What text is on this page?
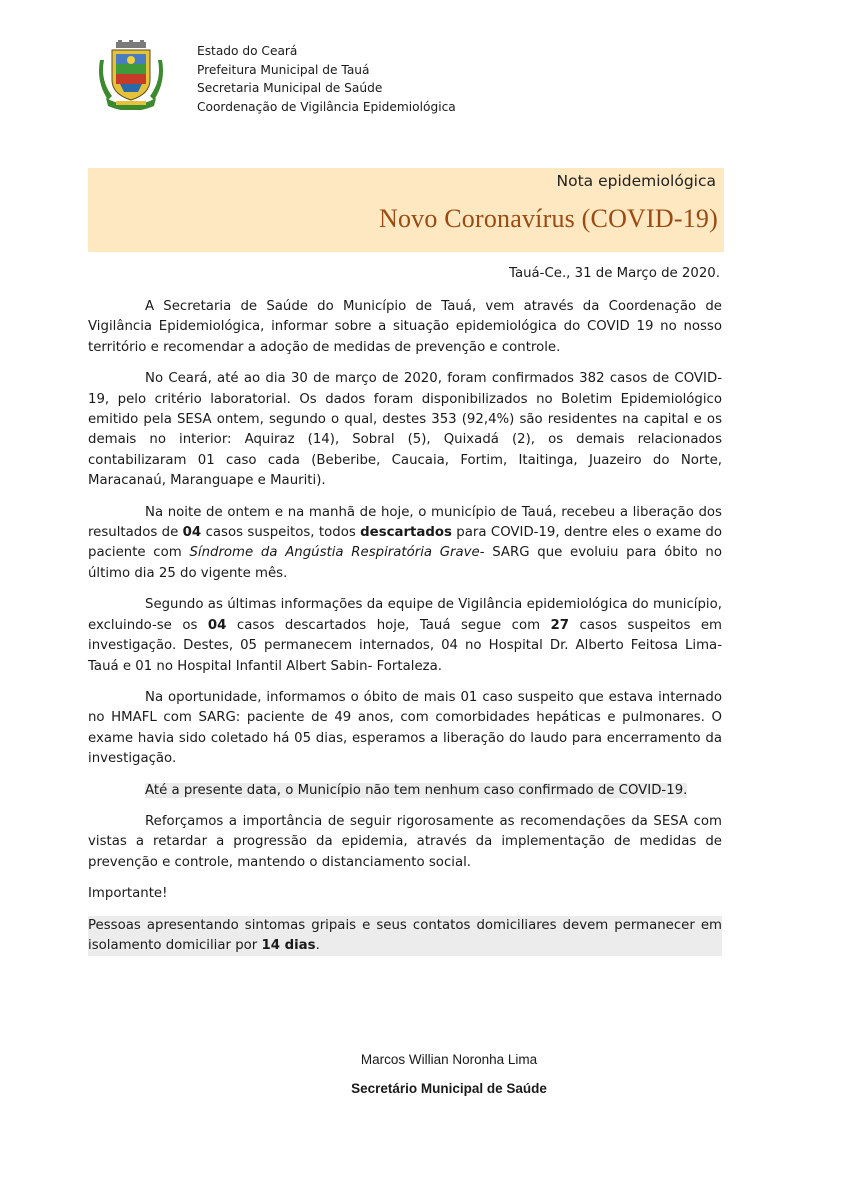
Estado do Ceará
Prefeitura Municipal de Tauá
Secretaria Municipal de Saúde
Coordenação de Vigilância Epidemiológica
Nota epidemiológica
Novo Coronavírus (COVID-19)
Tauá-Ce., 31 de Março de 2020.

A Secretaria de Saúde do Município de Tauá, vem através da Coordenação de Vigilância Epidemiológica, informar sobre a situação epidemiológica do COVID 19 no nosso território e recomendar a adoção de medidas de prevenção e controle.

No Ceará, até ao dia 30 de março de 2020, foram confirmados 382 casos de COVID-19, pelo critério laboratorial. Os dados foram disponibilizados no Boletim Epidemiológico emitido pela SESA ontem, segundo o qual, destes 353 (92,4%) são residentes na capital e os demais no interior: Aquiraz (14), Sobral (5), Quixadá (2), os demais relacionados contabilizaram 01 caso cada (Beberibe, Caucaia, Fortim, Itaitinga, Juazeiro do Norte, Maracanaú, Maranguape e Mauriti).

Na noite de ontem e na manhã de hoje, o município de Tauá, recebeu a liberação dos resultados de 04 casos suspeitos, todos descartados para COVID-19, dentre eles o exame do paciente com Síndrome da Angústia Respiratória Grave- SARG que evoluiu para óbito no último dia 25 do vigente mês.

Segundo as últimas informações da equipe de Vigilância epidemiológica do município, excluindo-se os 04 casos descartados hoje, Tauá segue com 27 casos suspeitos em investigação. Destes, 05 permanecem internados, 04 no Hospital Dr. Alberto Feitosa Lima- Tauá e 01 no Hospital Infantil Albert Sabin- Fortaleza.

Na oportunidade, informamos o óbito de mais 01 caso suspeito que estava internado no HMAFL com SARG: paciente de 49 anos, com comorbidades hepáticas e pulmonares. O exame havia sido coletado há 05 dias, esperamos a liberação do laudo para encerramento da investigação.

Até a presente data, o Município não tem nenhum caso confirmado de COVID-19.

Reforçamos a importância de seguir rigorosamente as recomendações da SESA com vistas a retardar a progressão da epidemia, através da implementação de medidas de prevenção e controle, mantendo o distanciamento social.

Importante!

Pessoas apresentando sintomas gripais e seus contatos domiciliares devem permanecer em isolamento domiciliar por 14 dias.

Marcos Willian Noronha Lima
Secretário Municipal de Saúde
